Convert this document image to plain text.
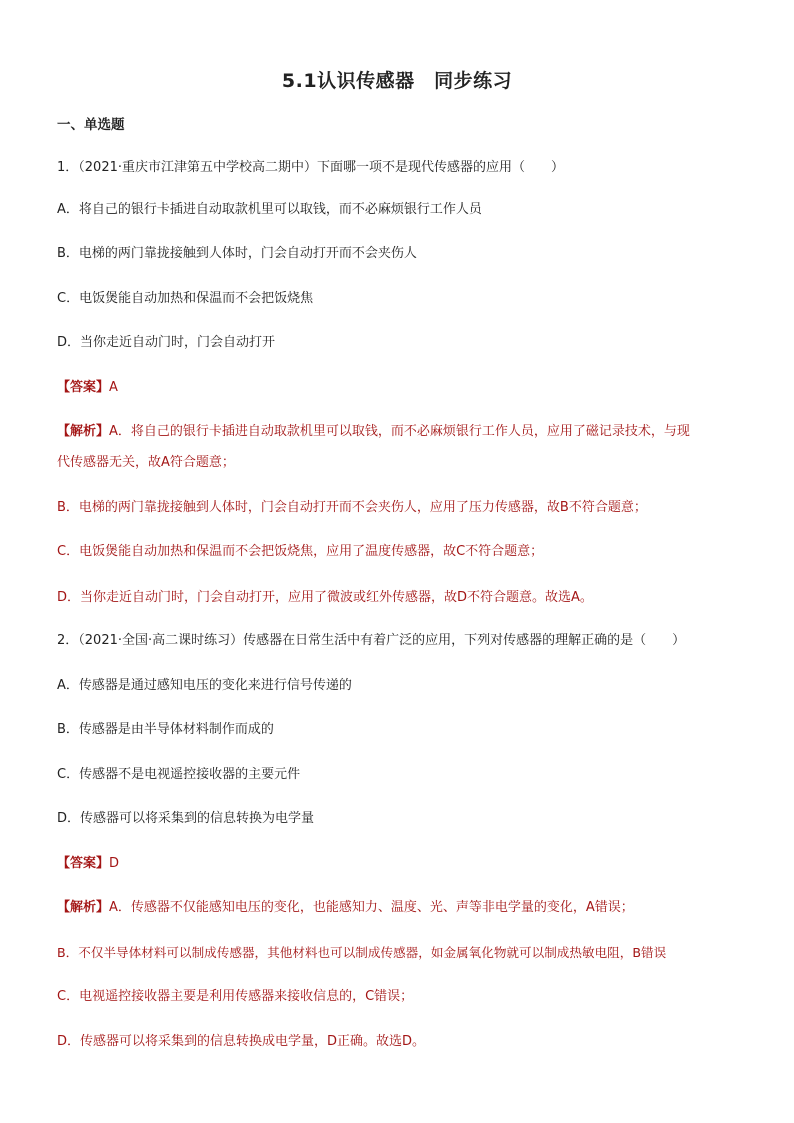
5.1认识传感器　同步练习
一、单选题
1．（2021·重庆市江津第五中学校高二期中）下面哪一项不是现代传感器的应用（　　）
A．将自己的银行卡插进自动取款机里可以取钱，而不必麻烦银行工作人员
B．电梯的两门靠拢接触到人体时，门会自动打开而不会夹伤人
C．电饭煲能自动加热和保温而不会把饭烧焦
D．当你走近自动门时，门会自动打开
【答案】A
【解析】A．将自己的银行卡插进自动取款机里可以取钱，而不必麻烦银行工作人员，应用了磁记录技术，与现
代传感器无关，故A符合题意；
B．电梯的两门靠拢接触到人体时，门会自动打开而不会夹伤人，应用了压力传感器，故B不符合题意；
C．电饭煲能自动加热和保温而不会把饭烧焦，应用了温度传感器，故C不符合题意；
D．当你走近自动门时，门会自动打开，应用了微波或红外传感器，故D不符合题意。故选A。
2．（2021·全国·高二课时练习）传感器在日常生活中有着广泛的应用，下列对传感器的理解正确的是（　　）
A．传感器是通过感知电压的变化来进行信号传递的
B．传感器是由半导体材料制作而成的
C．传感器不是电视遥控接收器的主要元件
D．传感器可以将采集到的信息转换为电学量
【答案】D
【解析】A．传感器不仅能感知电压的变化，也能感知力、温度、光、声等非电学量的变化，A错误；
B．不仅半导体材料可以制成传感器，其他材料也可以制成传感器，如金属氧化物就可以制成热敏电阻，B错误
C．电视遥控接收器主要是利用传感器来接收信息的，C错误；
D．传感器可以将采集到的信息转换成电学量，D正确。故选D。
